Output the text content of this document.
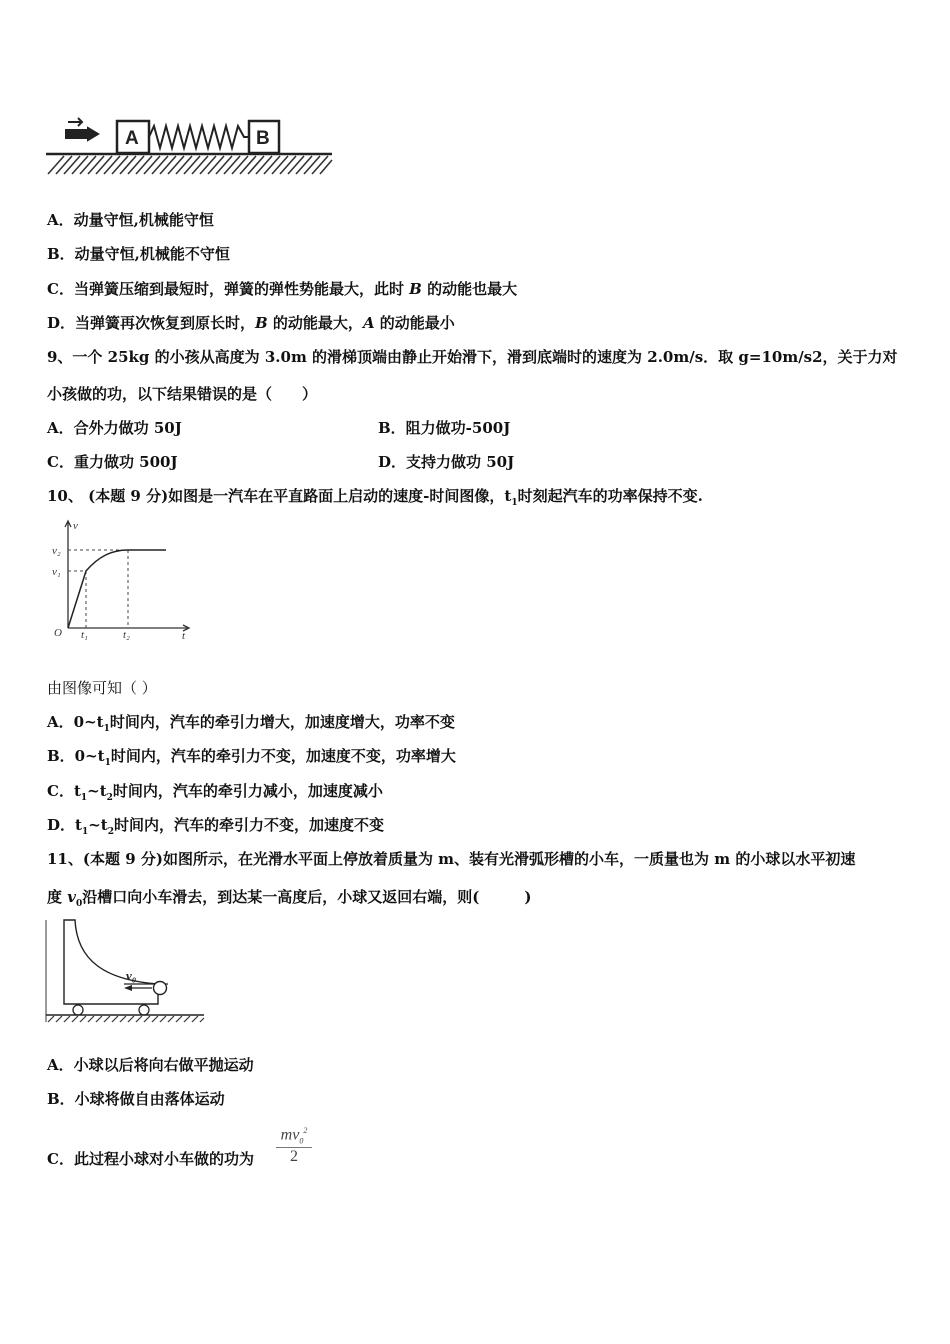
A	B
A．动量守恒,机械能守恒
B．动量守恒,机械能不守恒
C．当弹簧压缩到最短时，弹簧的弹性势能最大，此时 B 的动能也最大
D．当弹簧再次恢复到原长时，B 的动能最大，A 的动能最小
9、一个 25kg 的小孩从高度为 3.0m 的滑梯顶端由静止开始滑下，滑到底端时的速度为 2.0m/s．取 g=10m/s2，关于力对
小孩做的功，以下结果错误的是（　　）
A．合外力做功 50J	B．阻力做功-500J
C．重力做功 500J	D．支持力做功 50J
10、 (本题 9 分)如图是一汽车在平直路面上启动的速度-时间图像，$t_1$时刻起汽车的功率保持不变.
v
v₂
v₁
O t₁	t₂	t
由图像可知（ ）
A．$0\sim t_1$时间内，汽车的牵引力增大，加速度增大，功率不变
B．$0\sim t_1$时间内，汽车的牵引力不变，加速度不变，功率增大
C．$t_1\sim t_2$时间内，汽车的牵引力减小，加速度减小
D．$t_1\sim t_2$时间内，汽车的牵引力不变，加速度不变
11、(本题 9 分)如图所示，在光滑水平面上停放着质量为 m、装有光滑弧形槽的小车，一质量也为 m 的小球以水平初速
度 $v_0$沿槽口向小车滑去，到达某一高度后，小球又返回右端，则(　　　)
v₀
A．小球以后将向右做平抛运动
B．小球将做自由落体运动
C．此过程小球对小车做的功为 $\frac{mv_0^2}{2}$
